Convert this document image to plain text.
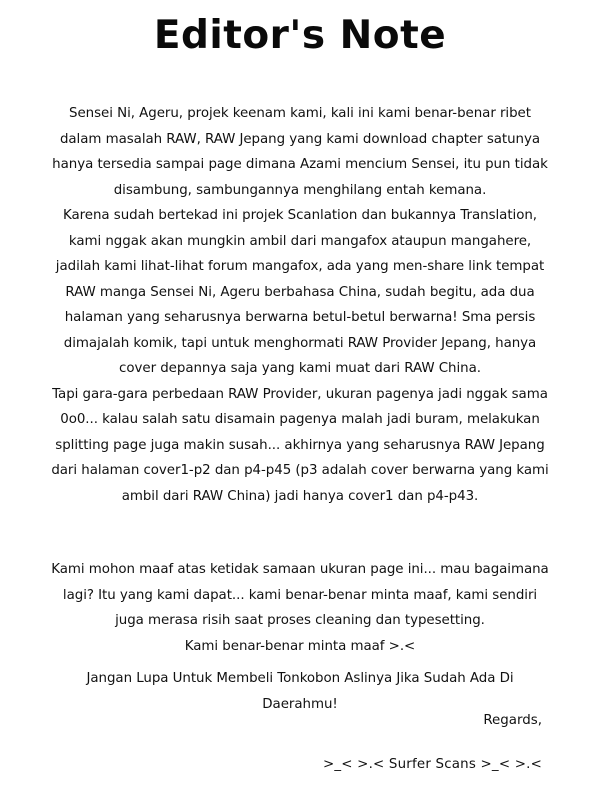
Editor's Note

Sensei Ni, Ageru, projek keenam kami, kali ini kami benar-benar ribet dalam masalah RAW, RAW Jepang yang kami download chapter satunya hanya tersedia sampai page dimana Azami mencium Sensei, itu pun tidak disambung, sambungannya menghilang entah kemana.

Karena sudah bertekad ini projek Scanlation dan bukannya Translation, kami nggak akan mungkin ambil dari mangafox ataupun mangahere, jadilah kami lihat-lihat forum mangafox, ada yang men-share link tempat RAW manga Sensei Ni, Ageru berbahasa China, sudah begitu, ada dua halaman yang seharusnya berwarna betul-betul berwarna! Sma persis dimajalah komik, tapi untuk menghormati RAW Provider Jepang, hanya cover depannya saja yang kami muat dari RAW China.

Tapi gara-gara perbedaan RAW Provider, ukuran pagenya jadi nggak sama 0o0... kalau salah satu disamain pagenya malah jadi buram, melakukan splitting page juga makin susah... akhirnya yang seharusnya RAW Jepang dari halaman cover1-p2 dan p4-p45 (p3 adalah cover berwarna yang kami ambil dari RAW China) jadi hanya cover1 dan p4-p43.

Kami mohon maaf atas ketidak samaan ukuran page ini... mau bagaimana lagi? Itu yang kami dapat... kami benar-benar minta maaf, kami sendiri juga merasa risih saat proses cleaning dan typesetting.

Kami benar-benar minta maaf >.<

Jangan Lupa Untuk Membeli Tonkobon Aslinya Jika Sudah Ada Di Daerahmu!
Regards,
>_< >.< Surfer Scans >_< >.<
